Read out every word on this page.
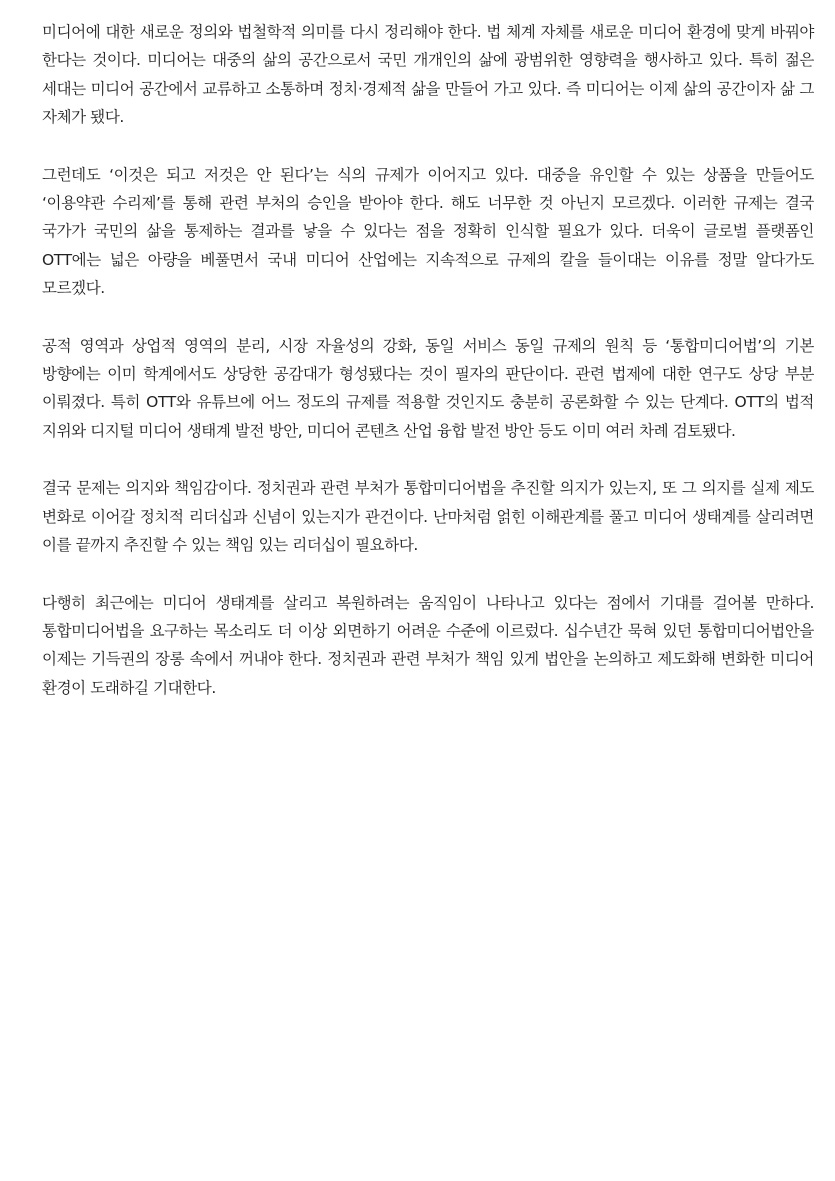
미디어에 대한 새로운 정의와 법철학적 의미를 다시 정리해야 한다. 법 체계 자체를 새로운 미디어 환경에 맞게 바꿔야 한다는 것이다. 미디어는 대중의 삶의 공간으로서 국민 개개인의 삶에 광범위한 영향력을 행사하고 있다. 특히 젊은 세대는 미디어 공간에서 교류하고 소통하며 정치·경제적 삶을 만들어 가고 있다. 즉 미디어는 이제 삶의 공간이자 삶 그 자체가 됐다.

그런데도 ‘이것은 되고 저것은 안 된다’는 식의 규제가 이어지고 있다. 대중을 유인할 수 있는 상품을 만들어도 ‘이용약관 수리제’를 통해 관련 부처의 승인을 받아야 한다. 해도 너무한 것 아닌지 모르겠다. 이러한 규제는 결국 국가가 국민의 삶을 통제하는 결과를 낳을 수 있다는 점을 정확히 인식할 필요가 있다. 더욱이 글로벌 플랫폼인 OTT에는 넓은 아량을 베풀면서 국내 미디어 산업에는 지속적으로 규제의 칼을 들이대는 이유를 정말 알다가도 모르겠다.

공적 영역과 상업적 영역의 분리, 시장 자율성의 강화, 동일 서비스 동일 규제의 원칙 등 ‘통합미디어법’의 기본 방향에는 이미 학계에서도 상당한 공감대가 형성됐다는 것이 필자의 판단이다. 관련 법제에 대한 연구도 상당 부분 이뤄졌다. 특히 OTT와 유튜브에 어느 정도의 규제를 적용할 것인지도 충분히 공론화할 수 있는 단계다. OTT의 법적 지위와 디지털 미디어 생태계 발전 방안, 미디어 콘텐츠 산업 융합 발전 방안 등도 이미 여러 차례 검토됐다.

결국 문제는 의지와 책임감이다. 정치권과 관련 부처가 통합미디어법을 추진할 의지가 있는지, 또 그 의지를 실제 제도 변화로 이어갈 정치적 리더십과 신념이 있는지가 관건이다. 난마처럼 얽힌 이해관계를 풀고 미디어 생태계를 살리려면 이를 끝까지 추진할 수 있는 책임 있는 리더십이 필요하다.

다행히 최근에는 미디어 생태계를 살리고 복원하려는 움직임이 나타나고 있다는 점에서 기대를 걸어볼 만하다. 통합미디어법을 요구하는 목소리도 더 이상 외면하기 어려운 수준에 이르렀다. 십수년간 묵혀 있던 통합미디어법안을 이제는 기득권의 장롱 속에서 꺼내야 한다. 정치권과 관련 부처가 책임 있게 법안을 논의하고 제도화해 변화한 미디어 환경이 도래하길 기대한다.
